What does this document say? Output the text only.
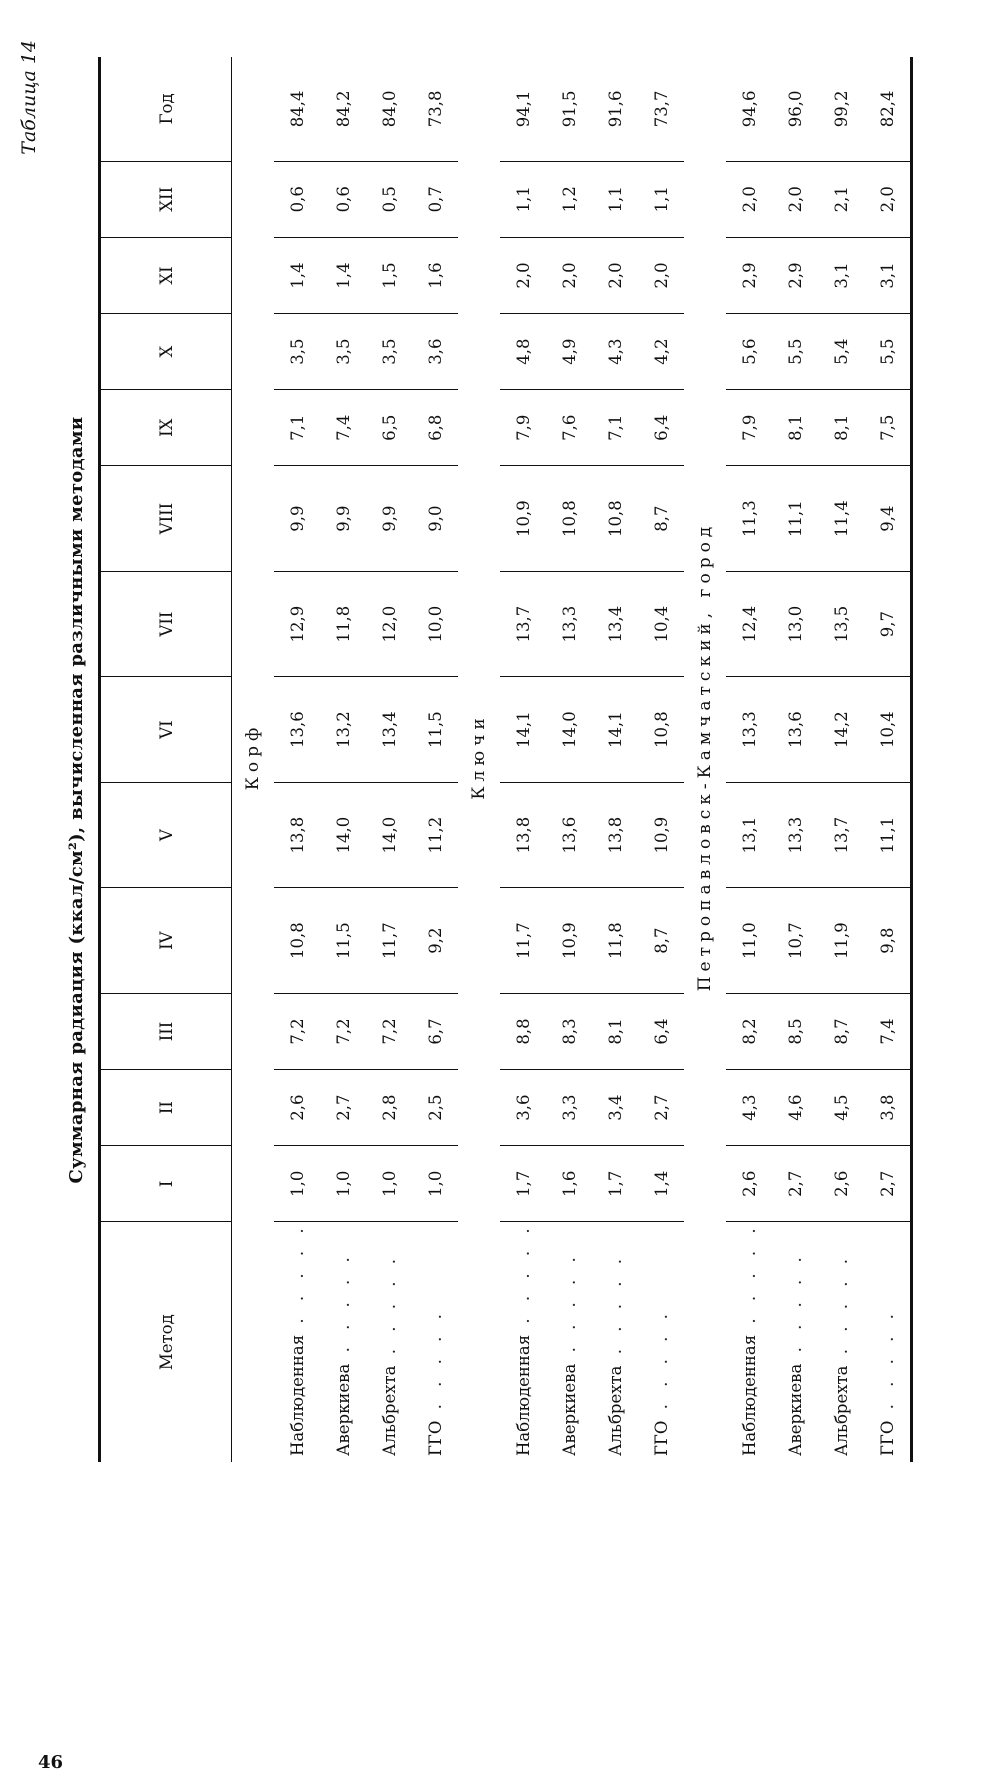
46
Таблица 14
Суммарная радиация (ккал/см²), вычисленная различными методами
Метод	I	II	III	IV	V	VI	VII	VIII	IX	X	XI	XII	Год
Корф													
Наблюденная . . . . .	1,0	2,6	7,2	10,8	13,8	13,6	12,9	9,9	7,1	3,5	1,4	0,6	84,4
Аверкиева . . . . .	1,0	2,7	7,2	11,5	14,0	13,2	11,8	9,9	7,4	3,5	1,4	0,6	84,2
Альбрехта . . . . .	1,0	2,8	7,2	11,7	14,0	13,4	12,0	9,9	6,5	3,5	1,5	0,5	84,0
ГГО . . . . .	1,0	2,5	6,7	9,2	11,2	11,5	10,0	9,0	6,8	3,6	1,6	0,7	73,8
Ключи													
Наблюденная . . . . .	1,7	3,6	8,8	11,7	13,8	14,1	13,7	10,9	7,9	4,8	2,0	1,1	94,1
Аверкиева . . . . .	1,6	3,3	8,3	10,9	13,6	14,0	13,3	10,8	7,6	4,9	2,0	1,2	91,5
Альбрехта . . . . .	1,7	3,4	8,1	11,8	13,8	14,1	13,4	10,8	7,1	4,3	2,0	1,1	91,6
ГГО . . . . .	1,4	2,7	6,4	8,7	10,9	10,8	10,4	8,7	6,4	4,2	2,0	1,1	73,7
Петропавловск-Камчатский, город													
Наблюденная . . . . .	2,6	4,3	8,2	11,0	13,1	13,3	12,4	11,3	7,9	5,6	2,9	2,0	94,6
Аверкиева . . . . .	2,7	4,6	8,5	10,7	13,3	13,6	13,0	11,1	8,1	5,5	2,9	2,0	96,0
Альбрехта . . . . .	2,6	4,5	8,7	11,9	13,7	14,2	13,5	11,4	8,1	5,4	3,1	2,1	99,2
ГГО . . . . .	2,7	3,8	7,4	9,8	11,1	10,4	9,7	9,4	7,5	5,5	3,1	2,0	82,4
